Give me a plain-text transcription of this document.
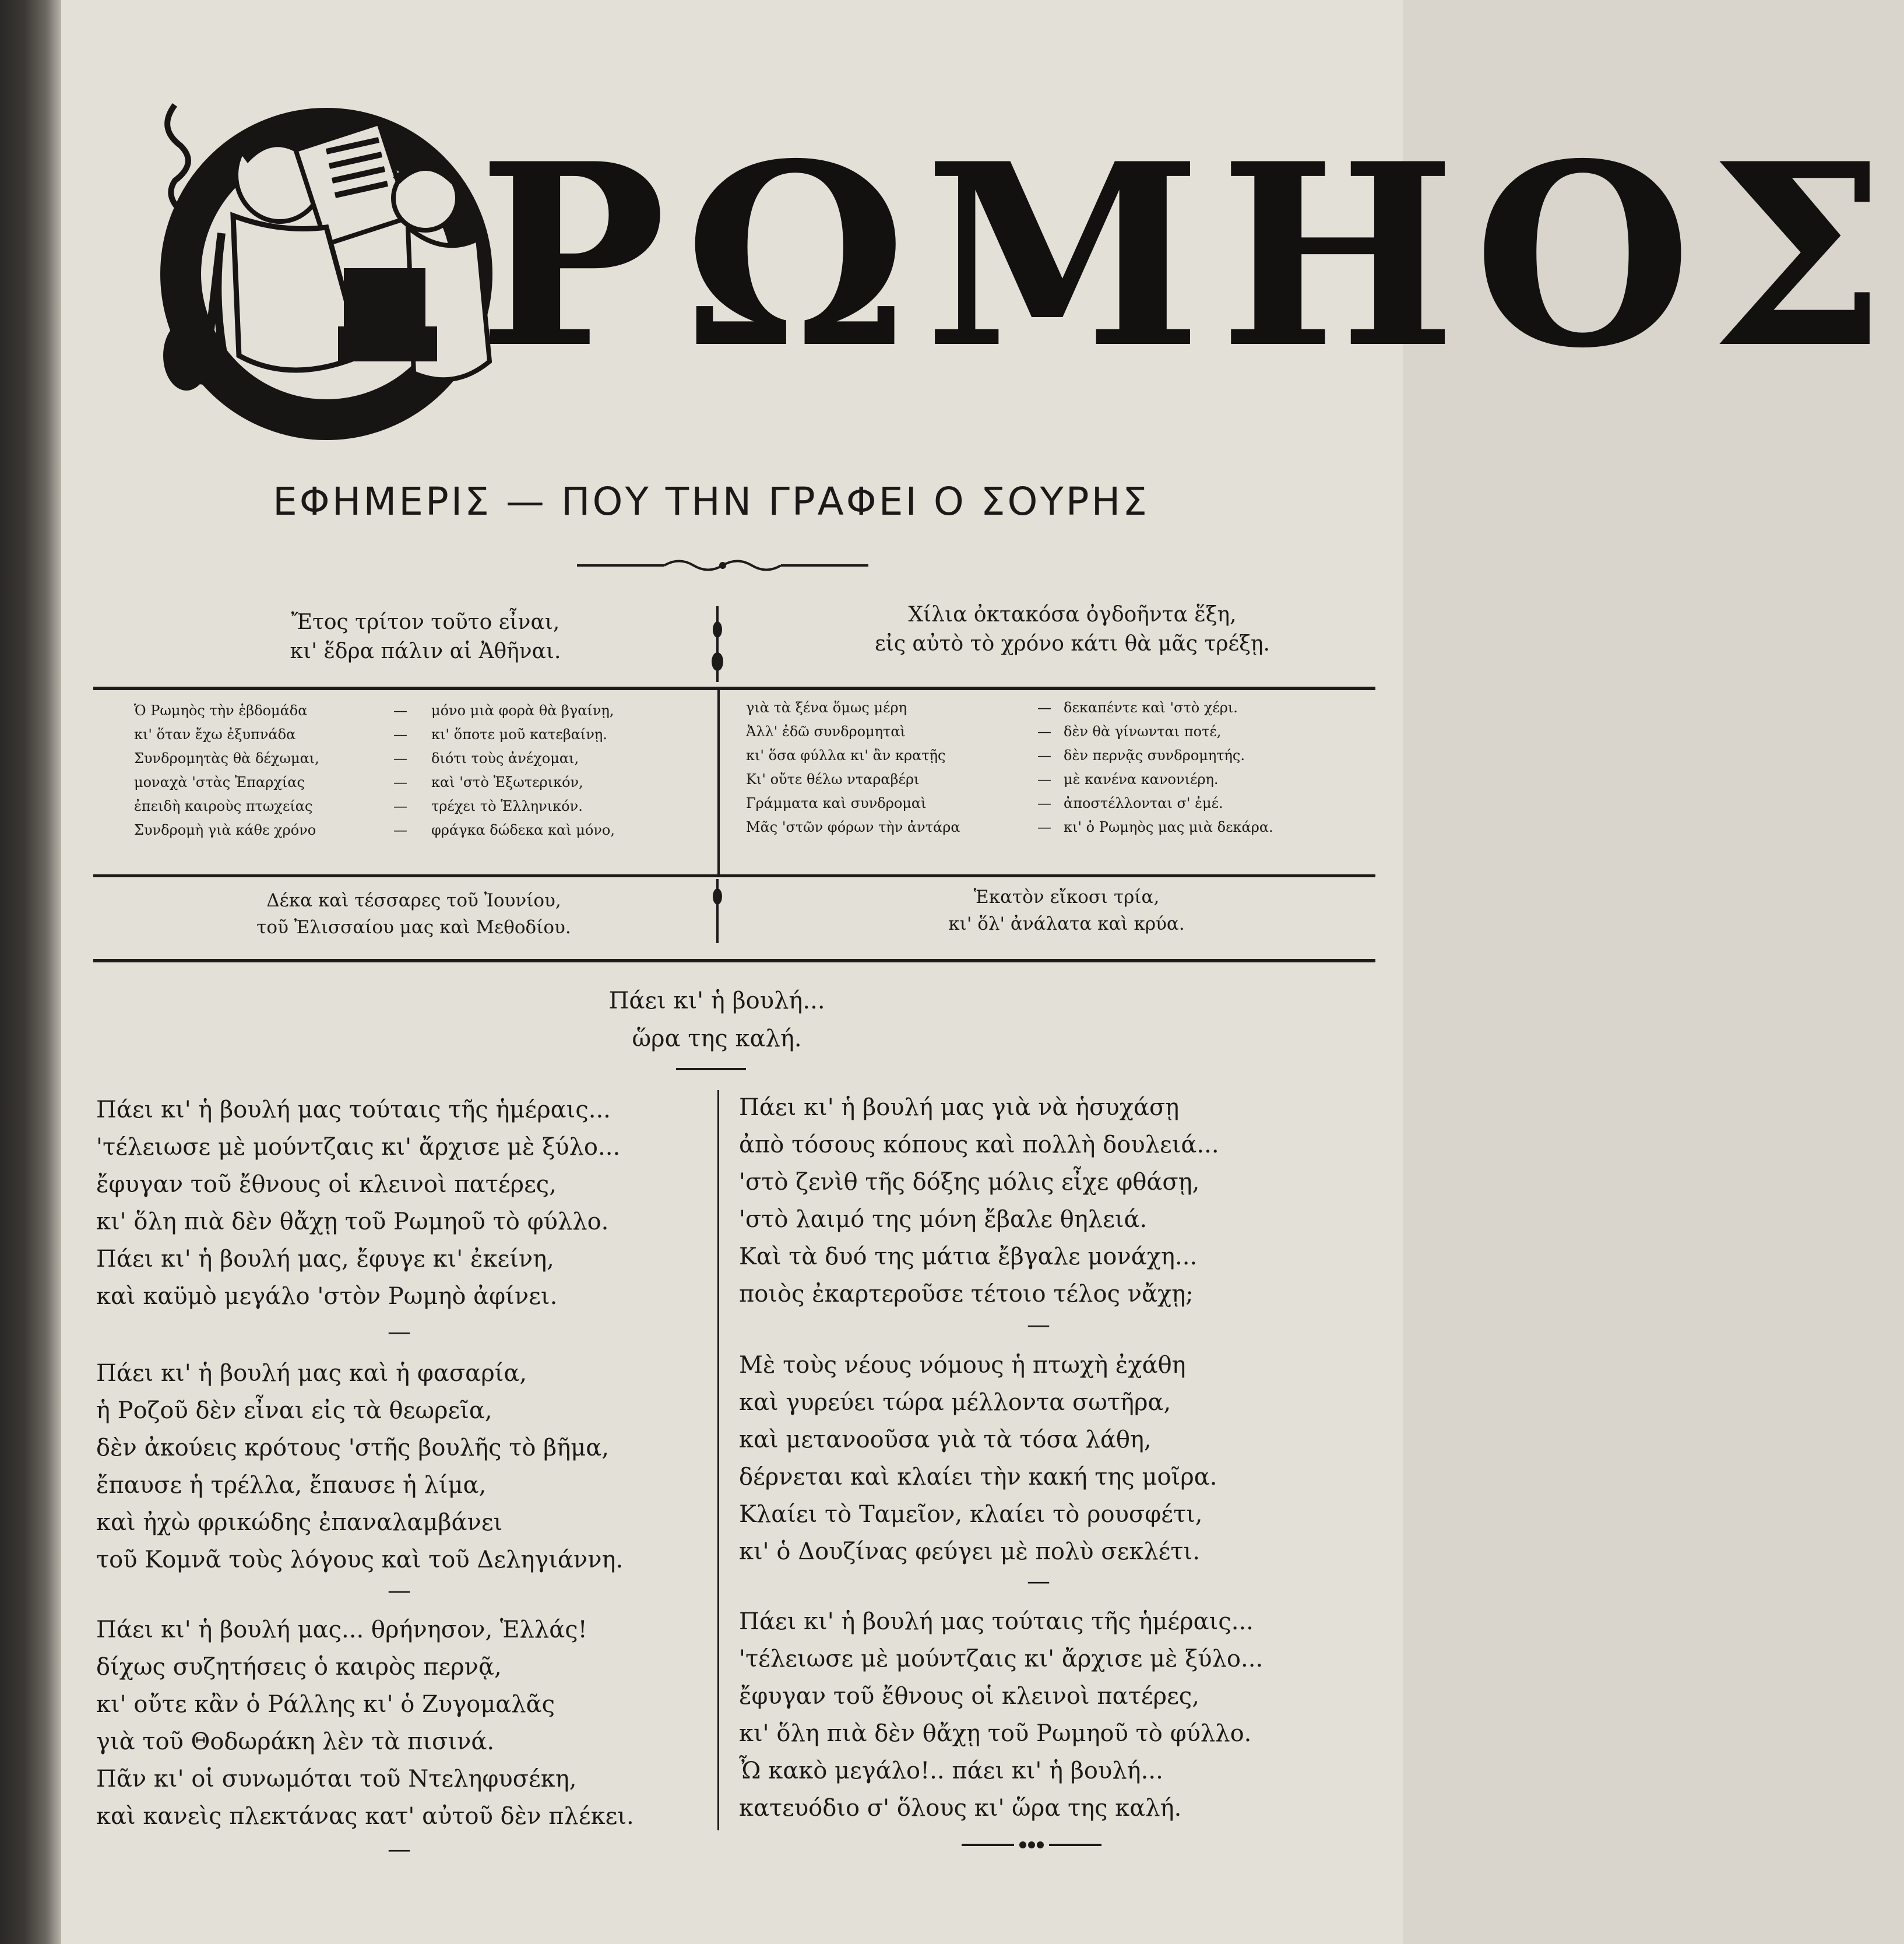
ΡΩΜΗΟΣ
ΕΦΗΜΕΡΙΣ — ΠΟΥ ΤΗΝ ΓΡΑΦΕΙ Ο ΣΟΥΡΗΣ
Ἔτος τρίτον τοῦτο εἶναι,
κι' ἕδρα πάλιν αἱ Ἀθῆναι.
Χίλια ὀκτακόσα ὀγδοῆντα ἕξη,
εἰς αὐτὸ τὸ χρόνο κάτι θὰ μᾶς τρέξῃ.
Ὁ Ρωμηὸς τὴν ἑβδομάδα	— μόνο μιὰ φορὰ θὰ βγαίνῃ,
κι' ὅταν ἔχω ἐξυπνάδα	— κι' ὅποτε μοῦ κατεβαίνῃ.
Συνδρομητὰς θὰ δέχωμαι,	— διότι τοὺς ἀνέχομαι,
μοναχὰ 'στὰς Ἐπαρχίας	— καὶ 'στὸ Ἐξωτερικόν,
ἐπειδὴ καιροὺς πτωχείας	— τρέχει τὸ Ἑλληνικόν.
Συνδρομὴ γιὰ κάθε χρόνο	— φράγκα δώδεκα καὶ μόνο,
γιὰ τὰ ξένα ὅμως μέρη	— δεκαπέντε καὶ 'στὸ χέρι.
Ἀλλ' ἐδῶ συνδρομηταὶ	— δὲν θὰ γίνωνται ποτέ,
κι' ὅσα φύλλα κι' ἂν κρατῇς	— δὲν περνᾷς συνδρομητής.
Κι' οὔτε θέλω νταραβέρι	— μὲ κανένα κανονιέρη.
Γράμματα καὶ συνδρομαὶ	— ἀποστέλλονται σ' ἐμέ.
Μᾶς 'στῶν φόρων τὴν ἀντάρα	— κι' ὁ Ρωμηὸς μας μιὰ δεκάρα.
Δέκα καὶ τέσσαρες τοῦ Ἰουνίου,
τοῦ Ἐλισσαίου μας καὶ Μεθοδίου.
Ἑκατὸν εἴκοσι τρία,
κι' ὅλ' ἀνάλατα καὶ κρύα.
Πάει κι' ἡ βουλή...
ὥρα της καλή.
Πάει κι' ἡ βουλή μας τούταις τῆς ἡμέραις...
'τέλειωσε μὲ μούντζαις κι' ἄρχισε μὲ ξύλο...
ἔφυγαν τοῦ ἔθνους οἱ κλεινοὶ πατέρες,
κι' ὅλη πιὰ δὲν θἄχῃ τοῦ Ρωμηοῦ τὸ φύλλο.
Πάει κι' ἡ βουλή μας, ἔφυγε κι' ἐκείνη,
καὶ καϋμὸ μεγάλο 'στὸν Ρωμηὸ ἀφίνει.
—
Πάει κι' ἡ βουλή μας καὶ ἡ φασαρία,
ἡ Ροζοῦ δὲν εἶναι εἰς τὰ θεωρεῖα,
δὲν ἀκούεις κρότους 'στῆς βουλῆς τὸ βῆμα,
ἔπαυσε ἡ τρέλλα, ἔπαυσε ἡ λίμα,
καὶ ἠχὼ φρικώδης ἐπαναλαμβάνει
τοῦ Κομνᾶ τοὺς λόγους καὶ τοῦ Δεληγιάννη.
—
Πάει κι' ἡ βουλή μας... θρήνησον, Ἑλλάς!
δίχως συζητήσεις ὁ καιρὸς περνᾷ,
κι' οὔτε κἂν ὁ Ράλλης κι' ὁ Ζυγομαλᾶς
γιὰ τοῦ Θοδωράκη λὲν τὰ πισινά.
Πᾶν κι' οἱ συνωμόται τοῦ Ντεληφυσέκη,
καὶ κανεὶς πλεκτάνας κατ' αὐτοῦ δὲν πλέκει.
—
Πάει κι' ἡ βουλή μας γιὰ νὰ ἡσυχάσῃ
ἀπὸ τόσους κόπους καὶ πολλὴ δουλειά...
'στὸ ζενὶθ τῆς δόξης μόλις εἶχε φθάσῃ,
'στὸ λαιμό της μόνη ἔβαλε θηλειά.
Καὶ τὰ δυό της μάτια ἔβγαλε μονάχη...
ποιὸς ἐκαρτεροῦσε τέτοιο τέλος νἄχῃ;
—
Μὲ τοὺς νέους νόμους ἡ πτωχὴ ἐχάθη
καὶ γυρεύει τώρα μέλλοντα σωτῆρα,
καὶ μετανοοῦσα γιὰ τὰ τόσα λάθη,
δέρνεται καὶ κλαίει τὴν κακή της μοῖρα.
Κλαίει τὸ Ταμεῖον, κλαίει τὸ ρουσφέτι,
κι' ὁ Δουζίνας φεύγει μὲ πολὺ σεκλέτι.
—
Πάει κι' ἡ βουλή μας τούταις τῆς ἡμέραις...
'τέλειωσε μὲ μούντζαις κι' ἄρχισε μὲ ξύλο...
ἔφυγαν τοῦ ἔθνους οἱ κλεινοὶ πατέρες,
κι' ὅλη πιὰ δὲν θἄχῃ τοῦ Ρωμηοῦ τὸ φύλλο.
Ὦ κακὸ μεγάλο!.. πάει κι' ἡ βουλή...
κατευόδιο σ' ὅλους κι' ὥρα της καλή.
